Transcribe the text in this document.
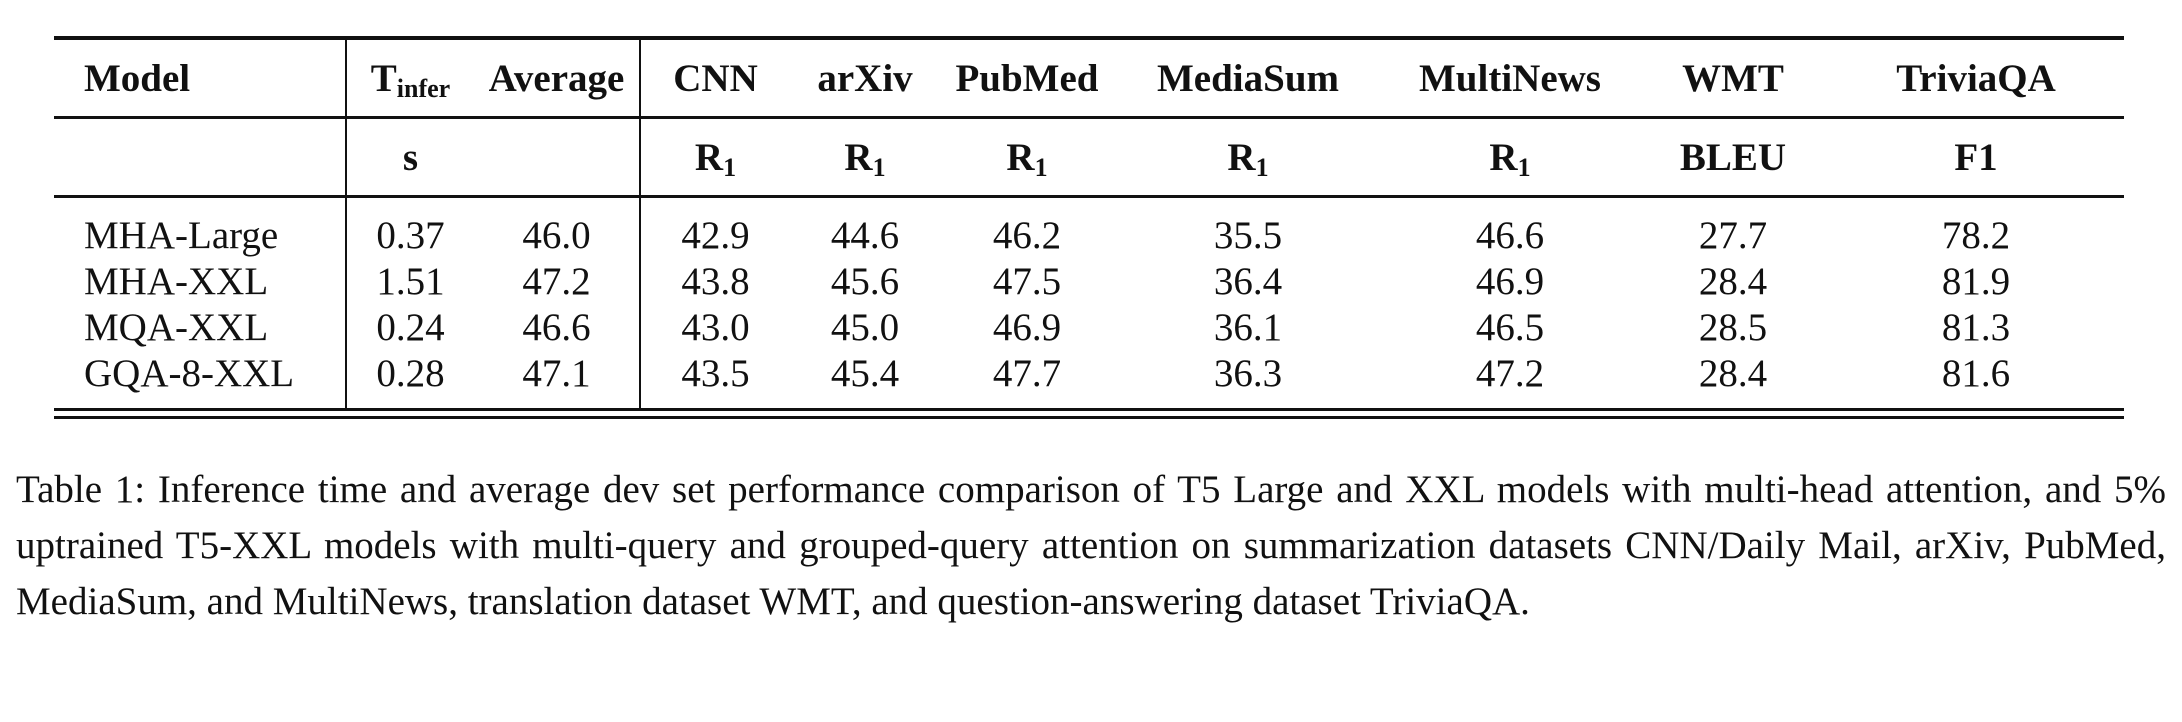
Model	$T_{infer}$	Average	CNN	arXiv	PubMed	MediaSum	MultiNews	WMT	TriviaQA

	s		$R_1$	$R_1$	$R_1$	$R_1$	$R_1$	BLEU	F1

MHA-Large	0.37	46.0	42.9	44.6	46.2	35.5	46.6	27.7	78.2
MHA-XXL	1.51	47.2	43.8	45.6	47.5	36.4	46.9	28.4	81.9
MQA-XXL	0.24	46.6	43.0	45.0	46.9	36.1	46.5	28.5	81.3
GQA-8-XXL	0.28	47.1	43.5	45.4	47.7	36.3	47.2	28.4	81.6
Table 1: Inference time and average dev set performance comparison of T5 Large and XXL models with multi-head attention, and 5% uptrained T5-XXL models with multi-query and grouped-query attention on summarization datasets CNN/Daily Mail, arXiv, PubMed, MediaSum, and MultiNews, translation dataset WMT, and question-answering dataset TriviaQA.
